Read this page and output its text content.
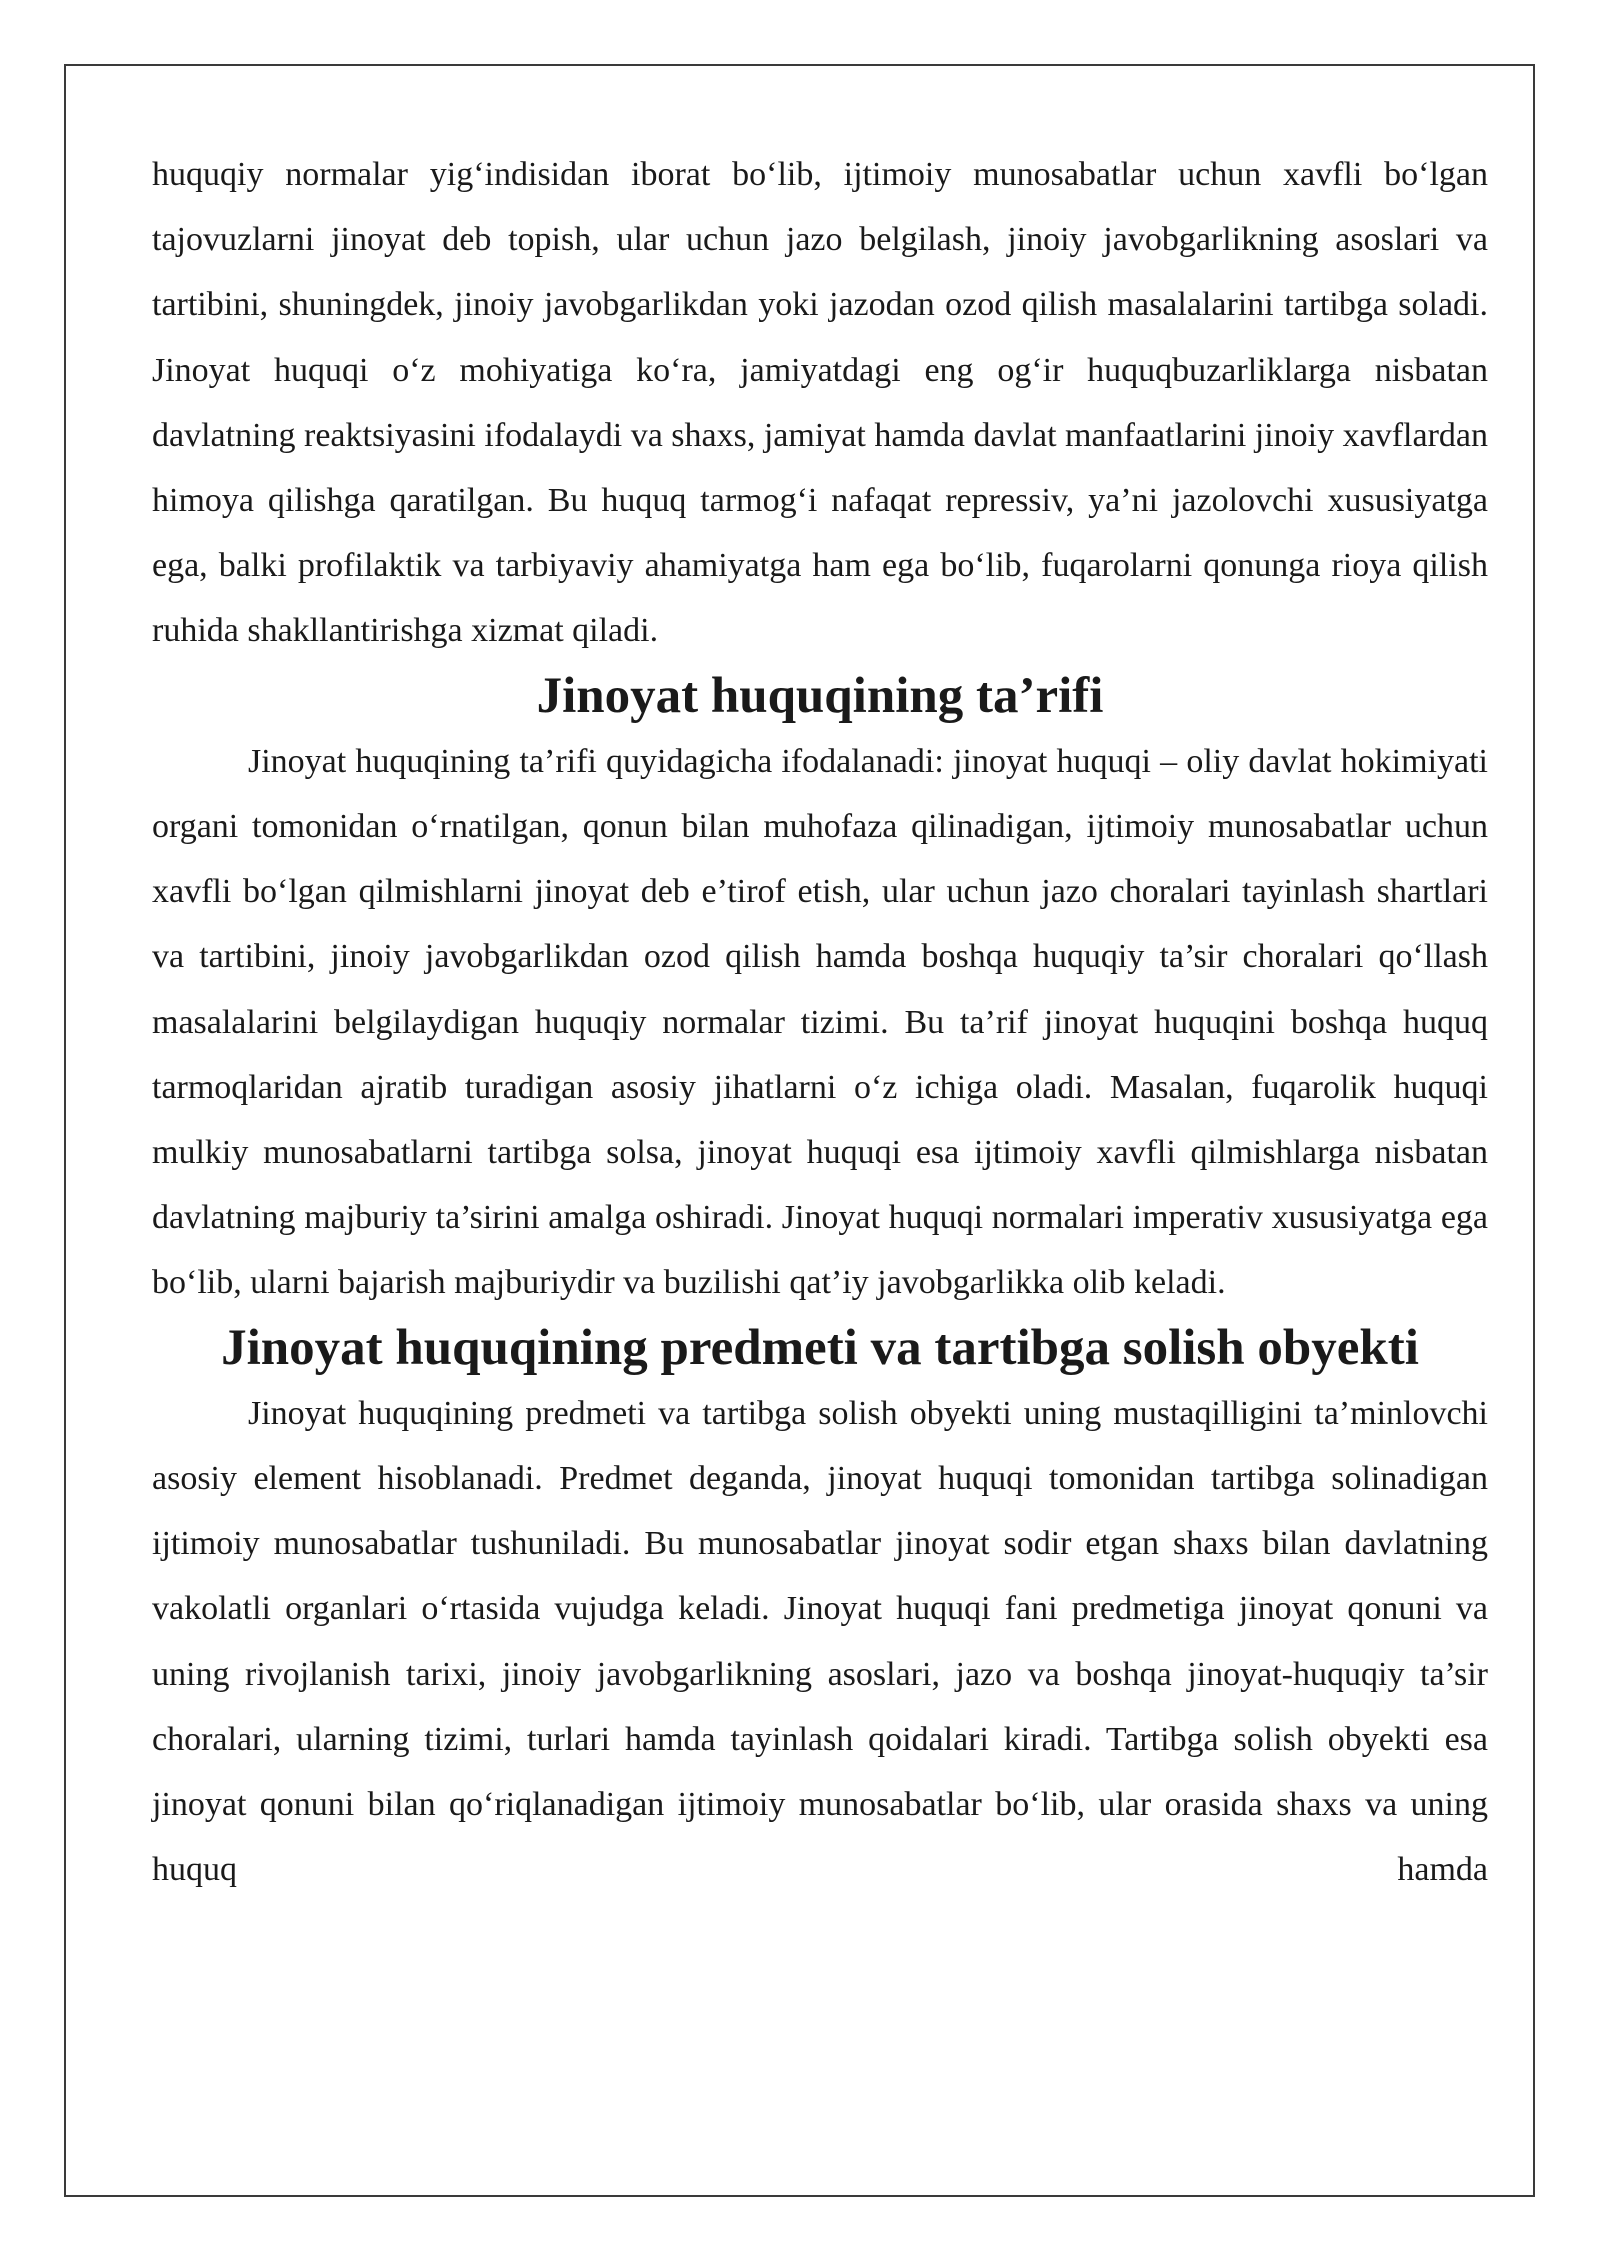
huquqiy normalar yig‘indisidan iborat bo‘lib, ijtimoiy munosabatlar uchun xavfli bo‘lgan tajovuzlarni jinoyat deb topish, ular uchun jazo belgilash, jinoiy javobgarlikning asoslari va tartibini, shuningdek, jinoiy javobgarlikdan yoki jazodan ozod qilish masalalarini tartibga soladi. Jinoyat huquqi o‘z mohiyatiga ko‘ra, jamiyatdagi eng og‘ir huquqbuzarliklarga nisbatan davlatning reaktsiyasini ifodalaydi va shaxs, jamiyat hamda davlat manfaatlarini jinoiy xavflardan himoya qilishga qaratilgan. Bu huquq tarmog‘i nafaqat repressiv, ya’ni jazolovchi xususiyatga ega, balki profilaktik va tarbiyaviy ahamiyatga ham ega bo‘lib, fuqarolarni qonunga rioya qilish ruhida shakllantirishga xizmat qiladi.

Jinoyat huquqining ta’rifi

Jinoyat huquqining ta’rifi quyidagicha ifodalanadi: jinoyat huquqi – oliy davlat hokimiyati organi tomonidan o‘rnatilgan, qonun bilan muhofaza qilinadigan, ijtimoiy munosabatlar uchun xavfli bo‘lgan qilmishlarni jinoyat deb e’tirof etish, ular uchun jazo choralari tayinlash shartlari va tartibini, jinoiy javobgarlikdan ozod qilish hamda boshqa huquqiy ta’sir choralari qo‘llash masalalarini belgilaydigan huquqiy normalar tizimi. Bu ta’rif jinoyat huquqini boshqa huquq tarmoqlaridan ajratib turadigan asosiy jihatlarni o‘z ichiga oladi. Masalan, fuqarolik huquqi mulkiy munosabatlarni tartibga solsa, jinoyat huquqi esa ijtimoiy xavfli qilmishlarga nisbatan davlatning majburiy ta’sirini amalga oshiradi. Jinoyat huquqi normalari imperativ xususiyatga ega bo‘lib, ularni bajarish majburiydir va buzilishi qat’iy javobgarlikka olib keladi.

Jinoyat huquqining predmeti va tartibga solish obyekti

Jinoyat huquqining predmeti va tartibga solish obyekti uning mustaqilligini ta’minlovchi asosiy element hisoblanadi. Predmet deganda, jinoyat huquqi tomonidan tartibga solinadigan ijtimoiy munosabatlar tushuniladi. Bu munosabatlar jinoyat sodir etgan shaxs bilan davlatning vakolatli organlari o‘rtasida vujudga keladi. Jinoyat huquqi fani predmetiga jinoyat qonuni va uning rivojlanish tarixi, jinoiy javobgarlikning asoslari, jazo va boshqa jinoyat-huquqiy ta’sir choralari, ularning tizimi, turlari hamda tayinlash qoidalari kiradi. Tartibga solish obyekti esa jinoyat qonuni bilan qo‘riqlanadigan ijtimoiy munosabatlar bo‘lib, ular orasida shaxs va uning huquq hamda
